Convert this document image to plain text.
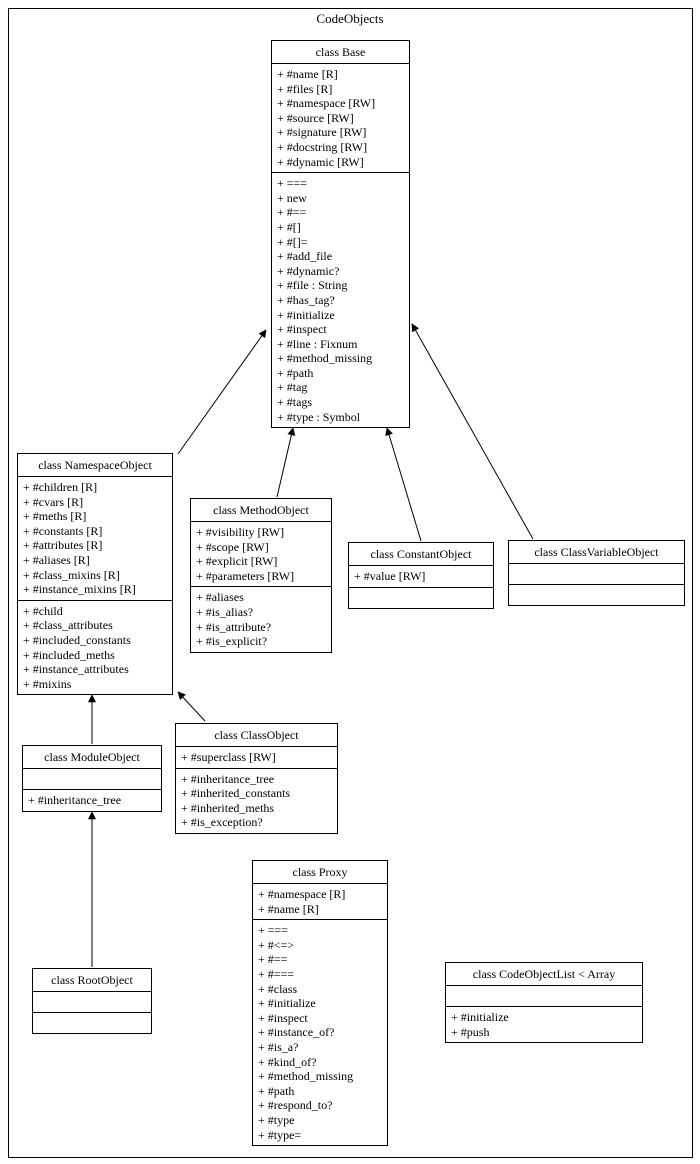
CodeObjects
class Base
+ #name [R]
+ #files [R]
+ #namespace [RW]
+ #source [RW]
+ #signature [RW]
+ #docstring [RW]
+ #dynamic [RW]
+ ===
+ new
+ #==
+ #[]
+ #[]=
+ #add_file
+ #dynamic?
+ #file : String
+ #has_tag?
+ #initialize
+ #inspect
+ #line : Fixnum
+ #method_missing
+ #path
+ #tag
+ #tags
+ #type : Symbol
class NamespaceObject
+ #children [R]
+ #cvars [R]
+ #meths [R]
+ #constants [R]
+ #attributes [R]
+ #aliases [R]
+ #class_mixins [R]
+ #instance_mixins [R]
+ #child
+ #class_attributes
+ #included_constants
+ #included_meths
+ #instance_attributes
+ #mixins
class MethodObject
+ #visibility [RW]
+ #scope [RW]
+ #explicit [RW]
+ #parameters [RW]
+ #aliases
+ #is_alias?
+ #is_attribute?
+ #is_explicit?
class ConstantObject
+ #value [RW]
class ClassVariableObject
class ModuleObject
+ #inheritance_tree
class ClassObject
+ #superclass [RW]
+ #inheritance_tree
+ #inherited_constants
+ #inherited_meths
+ #is_exception?
class RootObject
class Proxy
+ #namespace [R]
+ #name [R]
+ ===
+ #<=>
+ #==
+ #===
+ #class
+ #initialize
+ #inspect
+ #instance_of?
+ #is_a?
+ #kind_of?
+ #method_missing
+ #path
+ #respond_to?
+ #type
+ #type=
class CodeObjectList < Array
+ #initialize
+ #push
